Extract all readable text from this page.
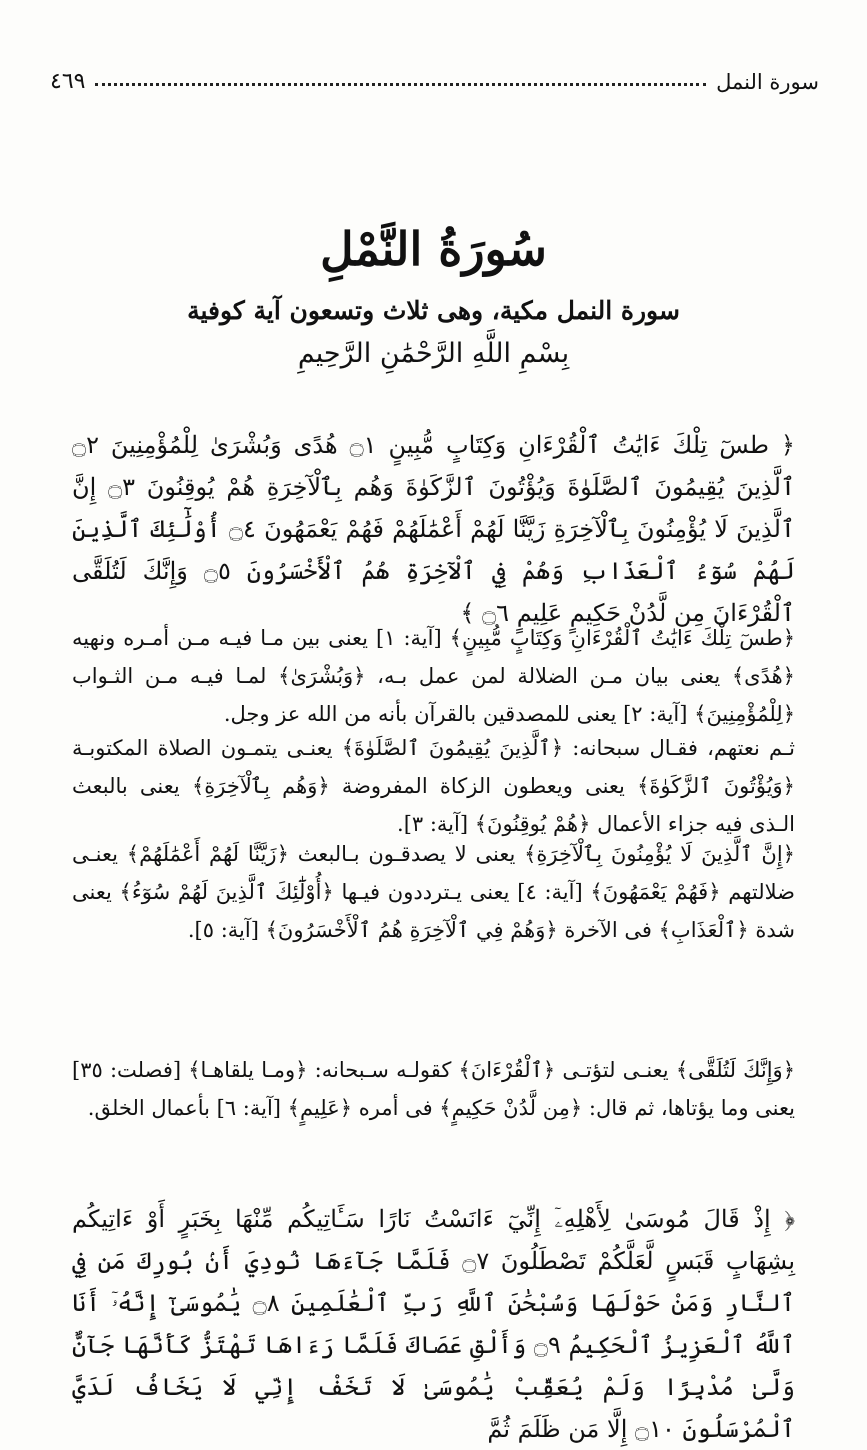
سورة النمل
٤٦٩
سُورَةُ النَّمْلِ
سورة النمل مكية، وهى ثلاث وتسعون آية كوفية
بِسْمِ اللَّهِ الرَّحْمَٰنِ الرَّحِيمِ

﴿ طسٓ تِلْكَ ءَايَٰتُ ٱلْقُرْءَانِ وَكِتَابٍ مُّبِينٍ ۝١ هُدًى وَبُشْرَىٰ لِلْمُؤْمِنِينَ ۝٢ ٱلَّذِينَ يُقِيمُونَ ٱلصَّلَوٰةَ وَيُؤْتُونَ ٱلزَّكَوٰةَ وَهُم بِٱلْآخِرَةِ هُمْ يُوقِنُونَ ۝٣ إِنَّ ٱلَّذِينَ لَا يُؤْمِنُونَ بِٱلْآخِرَةِ زَيَّنَّا لَهُمْ أَعْمَٰلَهُمْ فَهُمْ يَعْمَهُونَ ۝٤ أُوْلَٰٓئِكَ ٱلَّذِينَ لَهُمْ سُوٓءُ ٱلْعَذَابِ وَهُمْ فِي ٱلْآخِرَةِ هُمُ ٱلْأَخْسَرُونَ ۝٥ وَإِنَّكَ لَتُلَقَّى ٱلْقُرْءَانَ مِن لَّدُنْ حَكِيمٍ عَلِيمٍ ۝٦ ﴾

﴿طسٓ تِلْكَ ءَايَٰتُ ٱلْقُرْءَانِ وَكِتَابٍ مُّبِينٍ﴾ [آية: ١] يعنى بين مـا فيـه مـن أمـره ونهيه ﴿هُدًى﴾ يعنى بيان مـن الضلالة لمن عمل بـه، ﴿وَبُشْرَىٰ﴾ لمـا فيـه مـن الثـواب ﴿لِلْمُؤْمِنِينَ﴾ [آية: ٢] يعنى للمصدقين بالقرآن بأنه من الله عز وجل.

ثـم نعتهم، فقـال سبحانه: ﴿ٱلَّذِينَ يُقِيمُونَ ٱلصَّلَوٰةَ﴾ يعنـى يتمـون الصلاة المكتوبـة ﴿وَيُؤْتُونَ ٱلزَّكَوٰةَ﴾ يعنى ويعطون الزكاة المفروضة ﴿وَهُم بِٱلْآخِرَةِ﴾ يعنى بالبعث الـذى فيه جزاء الأعمال ﴿هُمْ يُوقِنُونَ﴾ [آية: ٣].

﴿إِنَّ ٱلَّذِينَ لَا يُؤْمِنُونَ بِٱلْآخِرَةِ﴾ يعنى لا يصدقـون بـالبعث ﴿زَيَّنَّا لَهُمْ أَعْمَٰلَهُمْ﴾ يعنـى ضلالتهم ﴿فَهُمْ يَعْمَهُونَ﴾ [آية: ٤] يعنى يـترددون فيـها ﴿أُوْلَٰٓئِكَ ٱلَّذِينَ لَهُمْ سُوٓءُ﴾ يعنى شدة ﴿ٱلْعَذَابِ﴾ فى الآخرة ﴿وَهُمْ فِي ٱلْآخِرَةِ هُمُ ٱلْأَخْسَرُونَ﴾ [آية: ٥].

﴿وَإِنَّكَ لَتُلَقَّى﴾ يعنـى لتؤتـى ﴿ٱلْقُرْءَانَ﴾ كقولـه سـبحانه: ﴿ومـا يلقاهـا﴾ [فصلت: ٣٥] يعنى وما يؤتاها، ثم قال: ﴿مِن لَّدُنْ حَكِيمٍ﴾ فى أمره ﴿عَلِيمٍ﴾ [آية: ٦] بأعمال الخلق.

﴿ إِذْ قَالَ مُوسَىٰ لِأَهْلِهِۦٓ إِنِّيٓ ءَانَسْتُ نَارًا سَـَٔاتِيكُم مِّنْهَا بِخَبَرٍ أَوْ ءَاتِيكُم بِشِهَابٍ قَبَسٍ لَّعَلَّكُمْ تَصْطَلُونَ ۝٧ فَلَمَّا جَآءَهَا نُودِيَ أَنۢ بُورِكَ مَن فِي ٱلنَّارِ وَمَنْ حَوْلَهَا وَسُبْحَٰنَ ٱللَّهِ رَبِّ ٱلْعَٰلَمِينَ ۝٨ يَٰمُوسَىٰٓ إِنَّهُۥٓ أَنَا ٱللَّهُ ٱلْعَزِيزُ ٱلْحَكِيمُ ۝٩ وَأَلْقِ عَصَاكَ فَلَمَّا رَءَاهَا تَهْتَزُّ كَأَنَّهَا جَآنٌّ وَلَّىٰ مُدْبِرًا وَلَمْ يُعَقِّبْ يَٰمُوسَىٰ لَا تَخَفْ إِنِّي لَا يَخَافُ لَدَيَّ ٱلْمُرْسَلُونَ ۝١٠ إِلَّا مَن ظَلَمَ ثُمَّ
